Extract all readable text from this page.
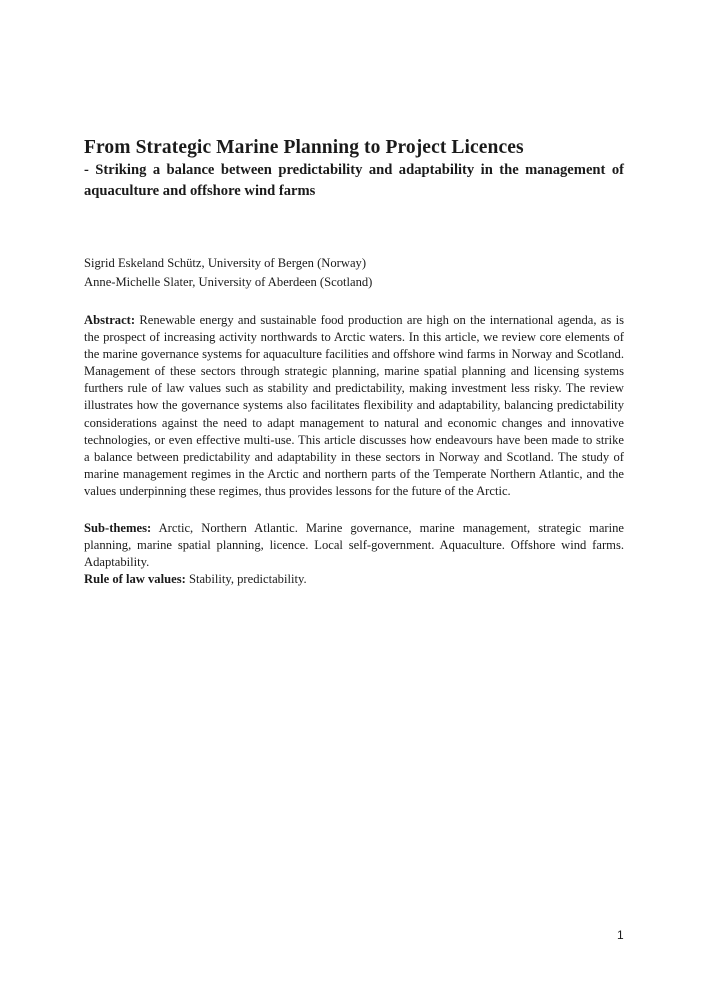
From Strategic Marine Planning to Project Licences
- Striking a balance between predictability and adaptability in the management of aquaculture and offshore wind farms
Sigrid Eskeland Schütz, University of Bergen (Norway)
Anne-Michelle Slater, University of Aberdeen (Scotland)

Abstract: Renewable energy and sustainable food production are high on the international agenda, as is the prospect of increasing activity northwards to Arctic waters. In this article, we review core elements of the marine governance systems for aquaculture facilities and offshore wind farms in Norway and Scotland. Management of these sectors through strategic planning, marine spatial planning and licensing systems furthers rule of law values such as stability and predictability, making investment less risky. The review illustrates how the governance systems also facilitates flexibility and adaptability, balancing predictability considerations against the need to adapt management to natural and economic changes and innovative technologies, or even effective multi-use. This article discusses how endeavours have been made to strike a balance between predictability and adaptability in these sectors in Norway and Scotland. The study of marine management regimes in the Arctic and northern parts of the Temperate Northern Atlantic, and the values underpinning these regimes, thus provides lessons for the future of the Arctic.

Sub-themes: Arctic, Northern Atlantic. Marine governance, marine management, strategic marine planning, marine spatial planning, licence. Local self-government. Aquaculture. Offshore wind farms. Adaptability.

Rule of law values: Stability, predictability.

1
